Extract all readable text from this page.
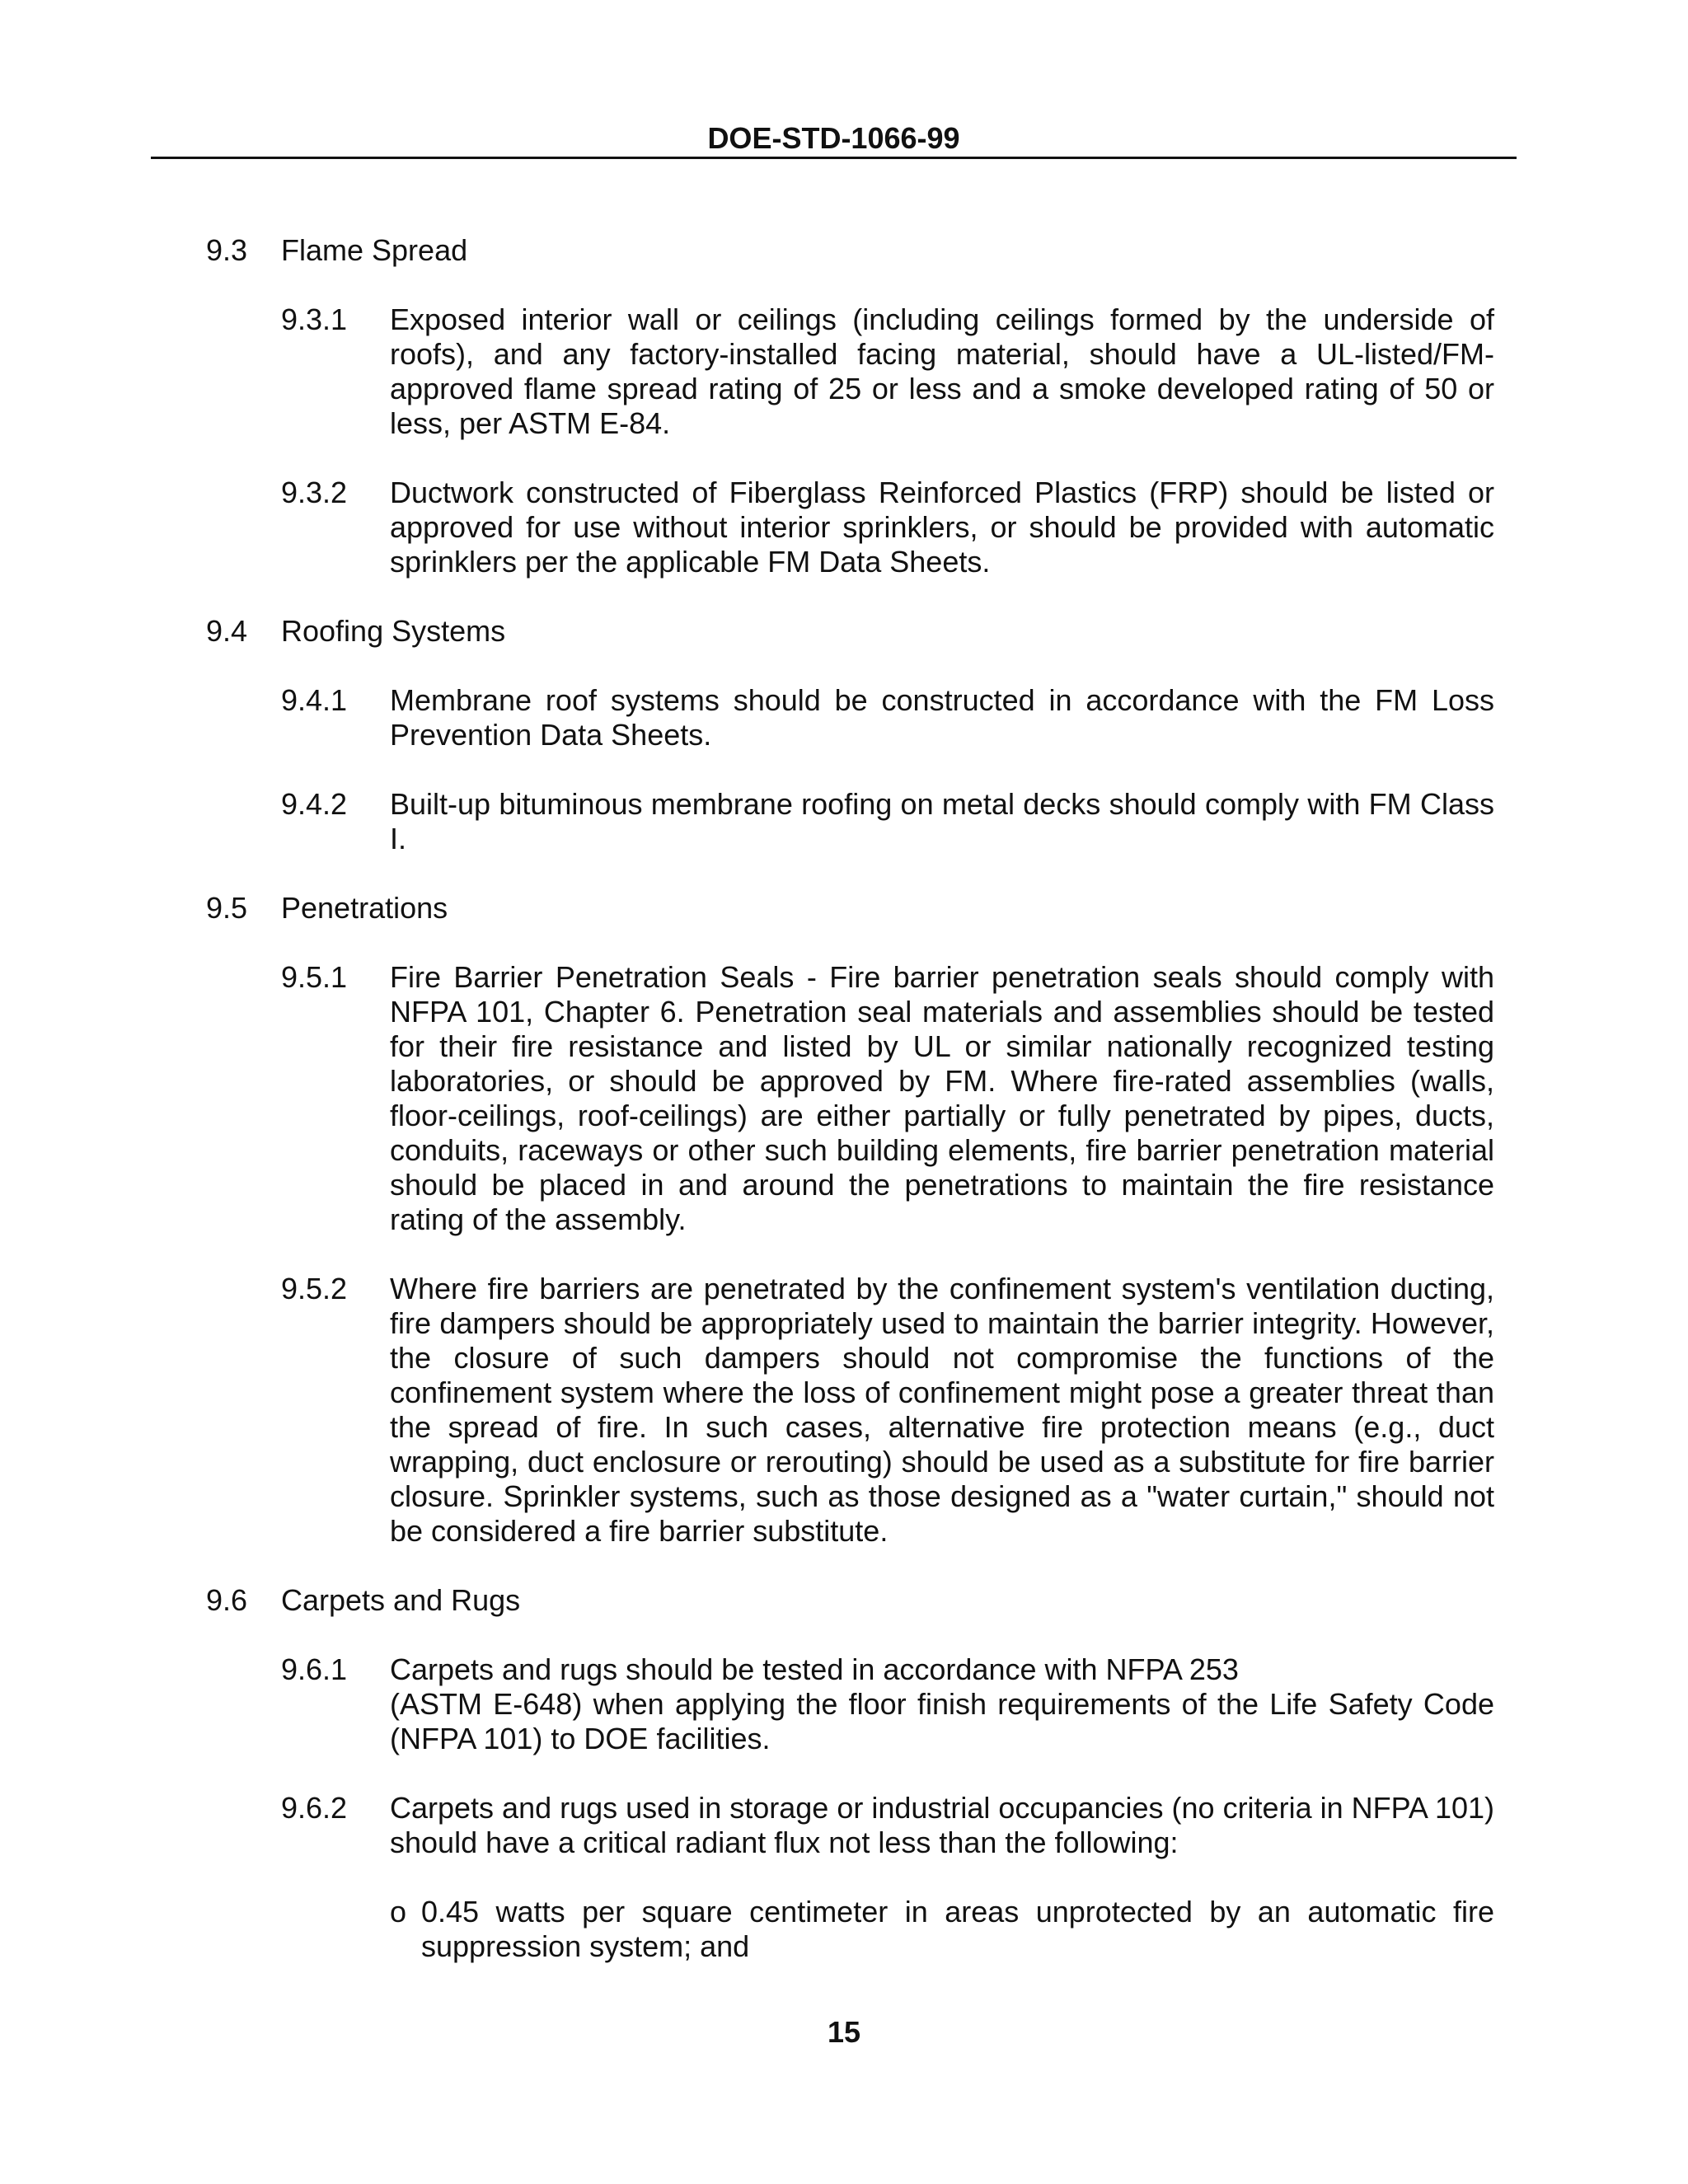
DOE-STD-1066-99
9.3 Flame Spread
9.3.1 Exposed interior wall or ceilings (including ceilings formed by the underside of roofs), and any factory-installed facing material, should have a UL-listed/FM-approved flame spread rating of 25 or less and a smoke developed rating of 50 or less, per ASTM E-84.
9.3.2 Ductwork constructed of Fiberglass Reinforced Plastics (FRP) should be listed or approved for use without interior sprinklers, or should be provided with automatic sprinklers per the applicable FM Data Sheets.
9.4 Roofing Systems
9.4.1 Membrane roof systems should be constructed in accordance with the FM Loss Prevention Data Sheets.
9.4.2 Built-up bituminous membrane roofing on metal decks should comply with FM Class I.
9.5 Penetrations
9.5.1 Fire Barrier Penetration Seals - Fire barrier penetration seals should comply with NFPA 101, Chapter 6. Penetration seal materials and assemblies should be tested for their fire resistance and listed by UL or similar nationally recognized testing laboratories, or should be approved by FM. Where fire-rated assemblies (walls, floor-ceilings, roof-ceilings) are either partially or fully penetrated by pipes, ducts, conduits, raceways or other such building elements, fire barrier penetration material should be placed in and around the penetrations to maintain the fire resistance rating of the assembly.
9.5.2 Where fire barriers are penetrated by the confinement system's ventilation ducting, fire dampers should be appropriately used to maintain the barrier integrity. However, the closure of such dampers should not compromise the functions of the confinement system where the loss of confinement might pose a greater threat than the spread of fire. In such cases, alternative fire protection means (e.g., duct wrapping, duct enclosure or rerouting) should be used as a substitute for fire barrier closure. Sprinkler systems, such as those designed as a "water curtain," should not be considered a fire barrier substitute.
9.6 Carpets and Rugs
9.6.1 Carpets and rugs should be tested in accordance with NFPA 253
(ASTM E-648) when applying the floor finish requirements of the Life Safety Code (NFPA 101) to DOE facilities.
9.6.2 Carpets and rugs used in storage or industrial occupancies (no criteria in NFPA 101) should have a critical radiant flux not less than the following:
o 0.45 watts per square centimeter in areas unprotected by an automatic fire suppression system; and
15
